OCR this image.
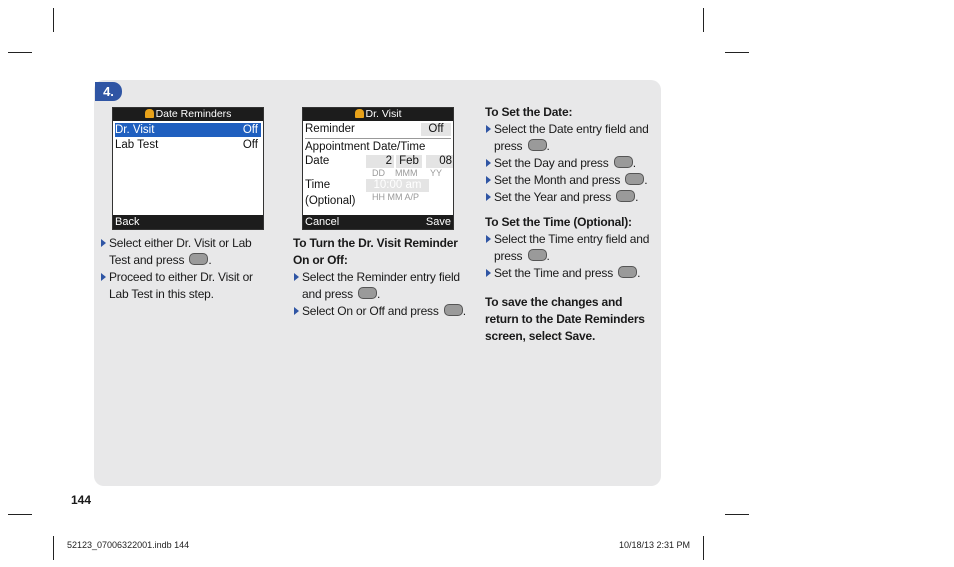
4.
Date Reminders
Dr. Visit	Off
Lab Test	Off
Back
Dr. Visit
Reminder	Off
Appointment Date/Time
Date	2 Feb	08
DD MMM YY
Time
(Optional)
10:00 am
HH MM A/P
Cancel	Save
Select either Dr. Visit or Lab Test and press .
Proceed to either Dr. Visit or Lab Test in this step.
To Turn the Dr. Visit Reminder On or Off:
Select the Reminder entry field and press .
Select On or Off and press .
To Set the Date:
Select the Date entry field and press .
Set the Day and press .
Set the Month and press .
Set the Year and press .
To Set the Time (Optional):
Select the Time entry field and press .
Set the Time and press .
To save the changes and return to the Date Reminders screen, select Save.
144
52123_07006322001.indb 144	10/18/13 2:31 PM
